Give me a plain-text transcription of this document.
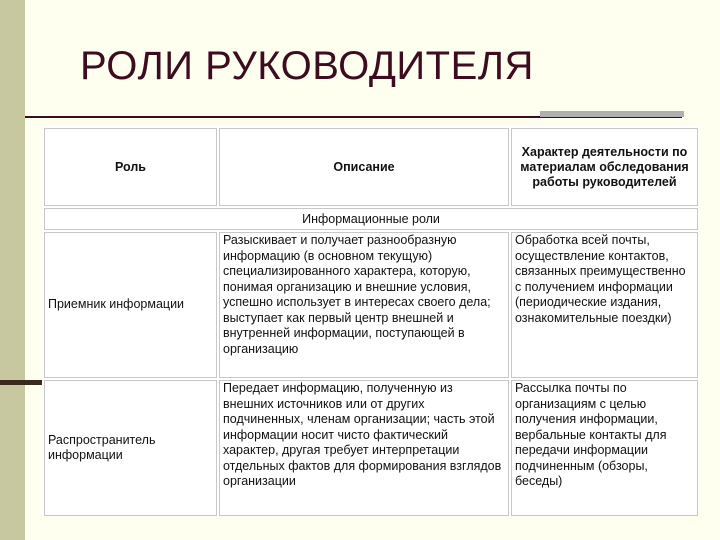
РОЛИ РУКОВОДИТЕЛЯ
Роль	Описание	Характер деятельности по материалам обследования работы руководителей
Информационные роли		
Приемник информации	Разыскивает и получает разнообразную информацию (в основном текущую) специализированного характера, которую, понимая организацию и внешние условия, успешно использует в интересах своего дела; выступает как первый центр внешней и внутренней информации, поступающей в организацию	Обработка всей почты, осуществление контактов, связанных преимущественно с получением информации (периодические издания, ознакомительные поездки)
Распространитель информации	Передает информацию, полученную из внешних источников или от других подчиненных, членам организации; часть этой информации носит чисто фактический характер, другая требует интерпретации отдельных фактов для формирования взглядов организации	Рассылка почты по организациям с целью получения информации, вербальные контакты для передачи информации подчиненным (обзоры, беседы)
